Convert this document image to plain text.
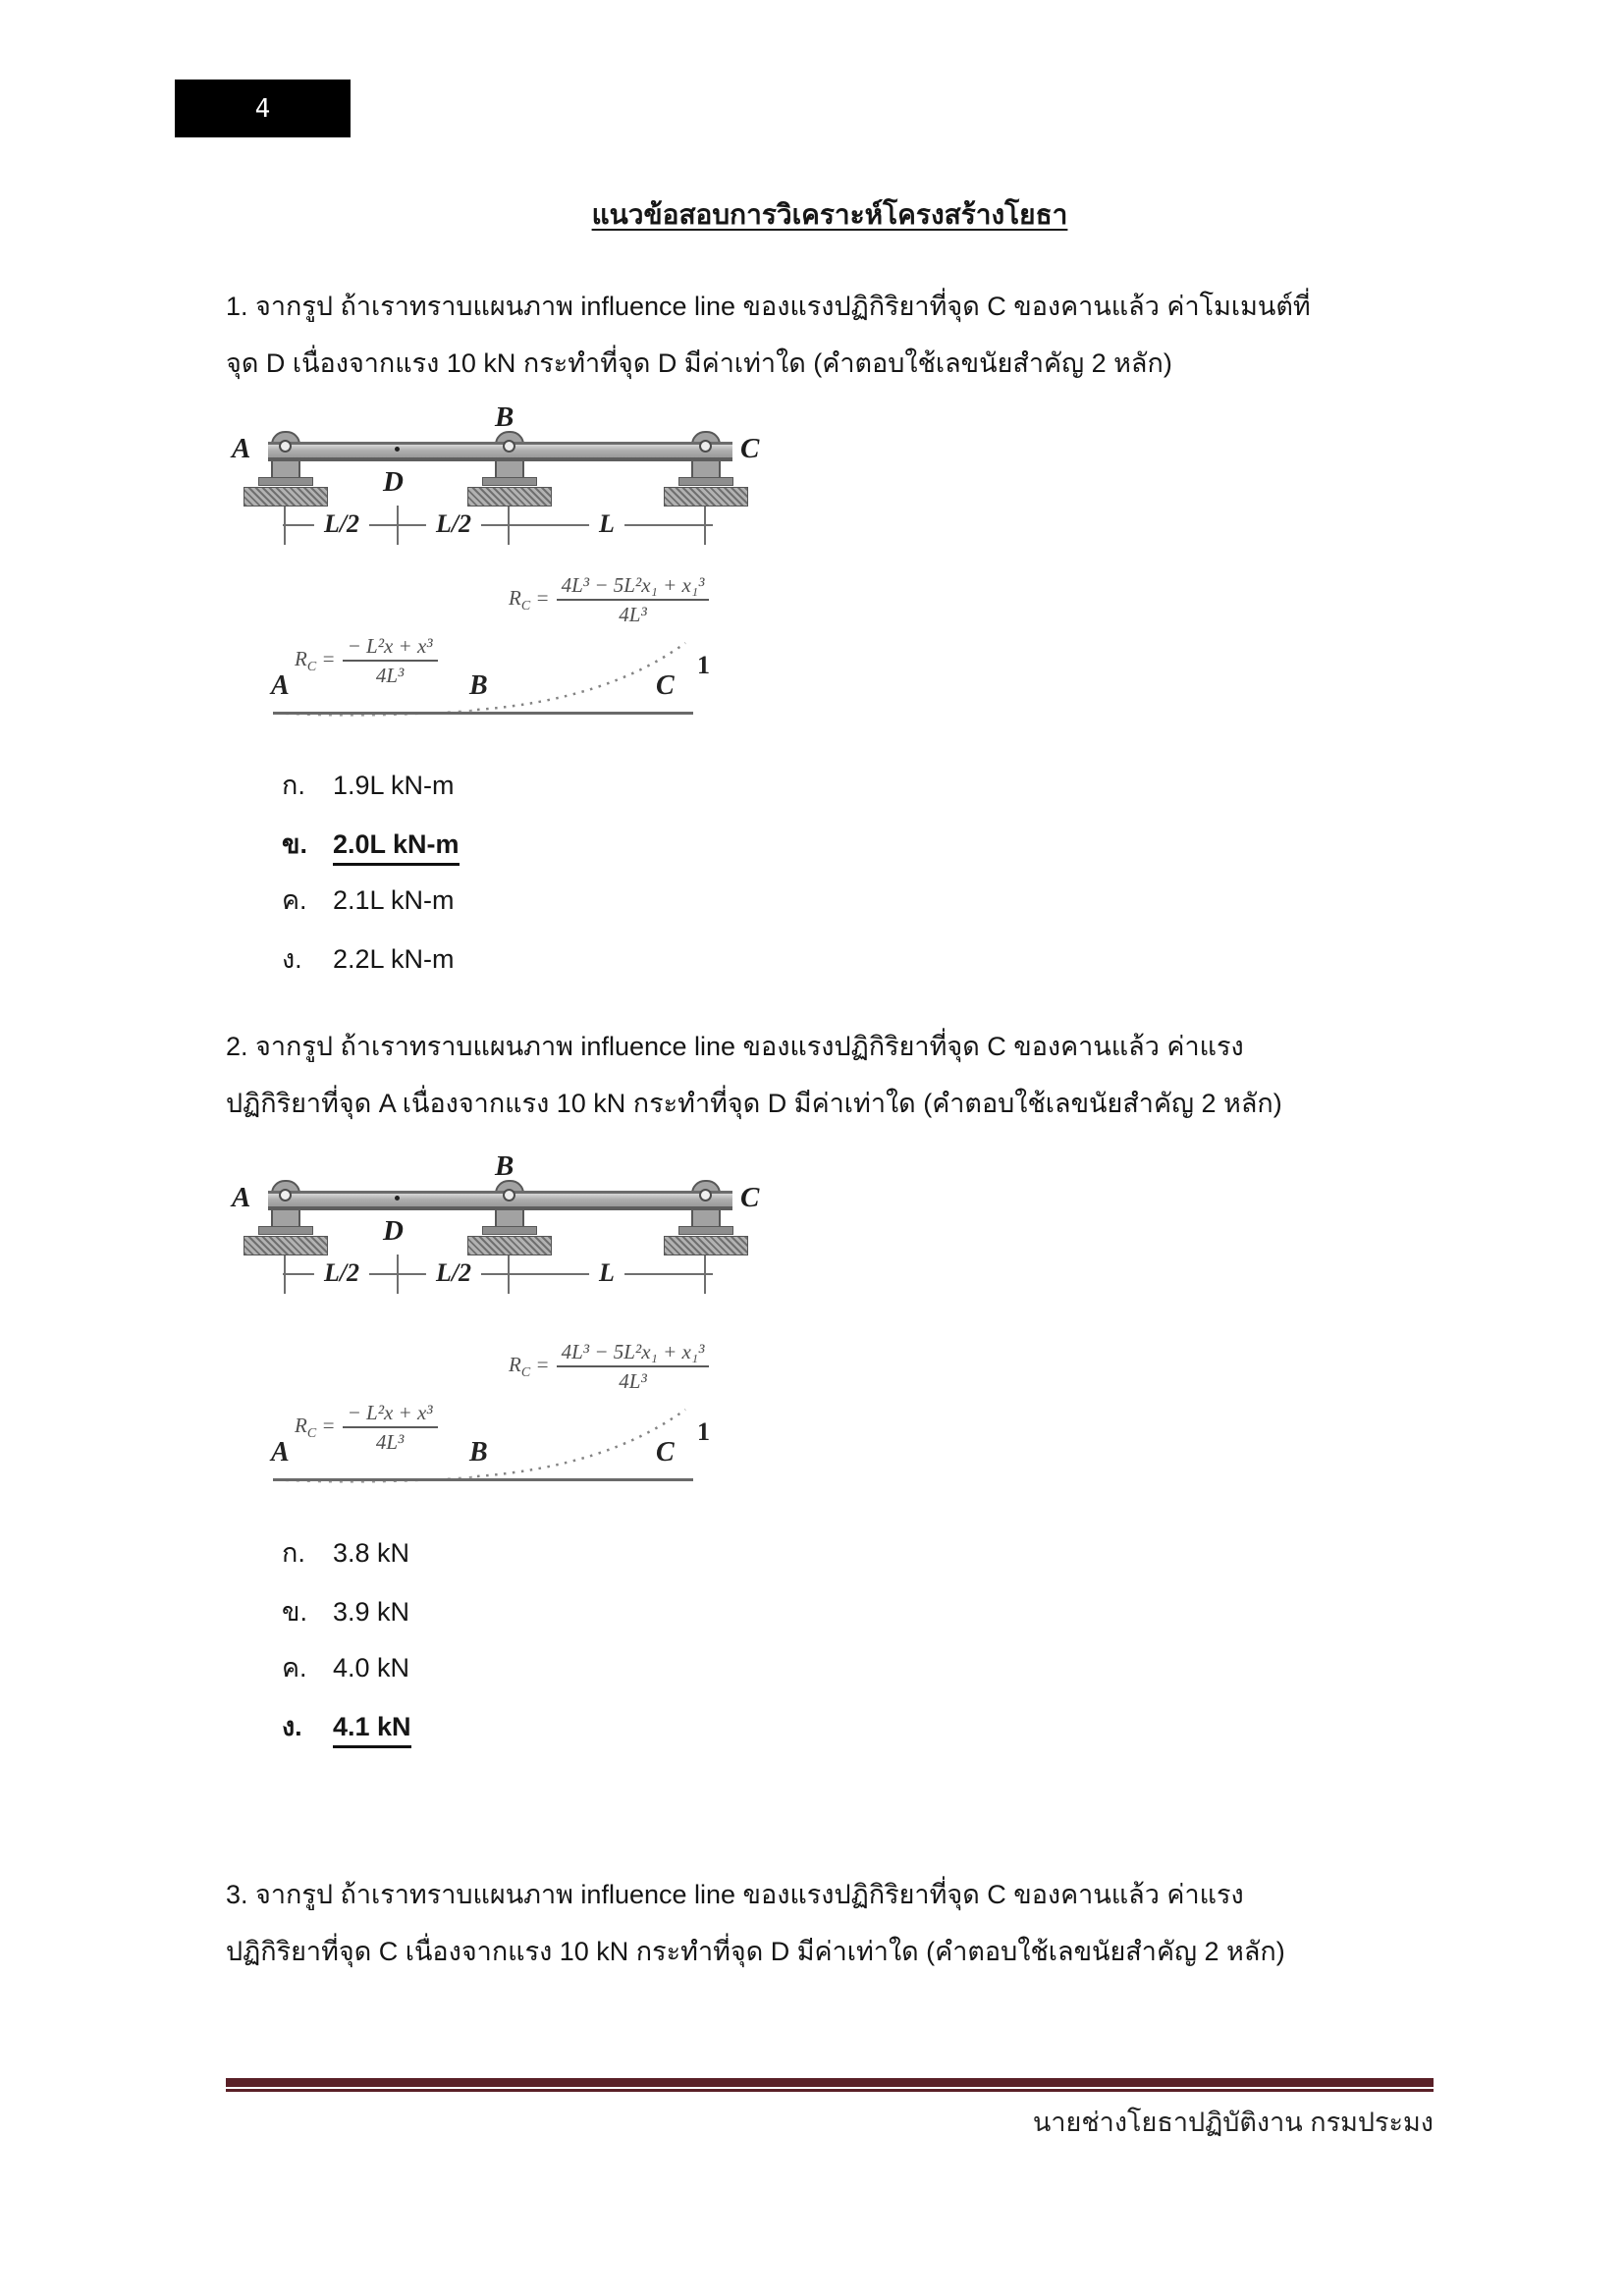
4
แนวข้อสอบการวิเคราะห์โครงสร้างโยธา
1. จากรูป ถ้าเราทราบแผนภาพ influence line ของแรงปฏิกิริยาที่จุด C ของคานแล้ว ค่าโมเมนต์ที่
จุด D เนื่องจากแรง 10 kN กระทำที่จุด D มีค่าเท่าใด (คำตอบใช้เลขนัยสำคัญ 2 หลัก)
A
B
C
D
L/2	L/2	L
A	B	C
1
$R_C = \frac{\text{4L³ − 5L²x₁ + x₁³}}{\text{4L³}}$
$R_C = \frac{\text{− L²x + x³}}{\text{4L³}}$
ก.	1.9L kN-m
ข. 2.0L kN-m
ค. 2.1L kN-m
ง.	2.2L kN-m
2. จากรูป ถ้าเราทราบแผนภาพ influence line ของแรงปฏิกิริยาที่จุด C ของคานแล้ว ค่าแรง
ปฏิกิริยาที่จุด A เนื่องจากแรง 10 kN กระทำที่จุด D มีค่าเท่าใด (คำตอบใช้เลขนัยสำคัญ 2 หลัก)
A
B
C
D
L/2	L/2	L
A	B	C
1
$R_C = \frac{\text{4L³ − 5L²x₁ + x₁³}}{\text{4L³}}$
$R_C = \frac{\text{− L²x + x³}}{\text{4L³}}$
ก.	3.8 kN
ข. 3.9 kN
ค. 4.0 kN
ง.	4.1 kN
3. จากรูป ถ้าเราทราบแผนภาพ influence line ของแรงปฏิกิริยาที่จุด C ของคานแล้ว ค่าแรง
ปฏิกิริยาที่จุด C เนื่องจากแรง 10 kN กระทำที่จุด D มีค่าเท่าใด (คำตอบใช้เลขนัยสำคัญ 2 หลัก)
นายช่างโยธาปฏิบัติงาน กรมประมง
